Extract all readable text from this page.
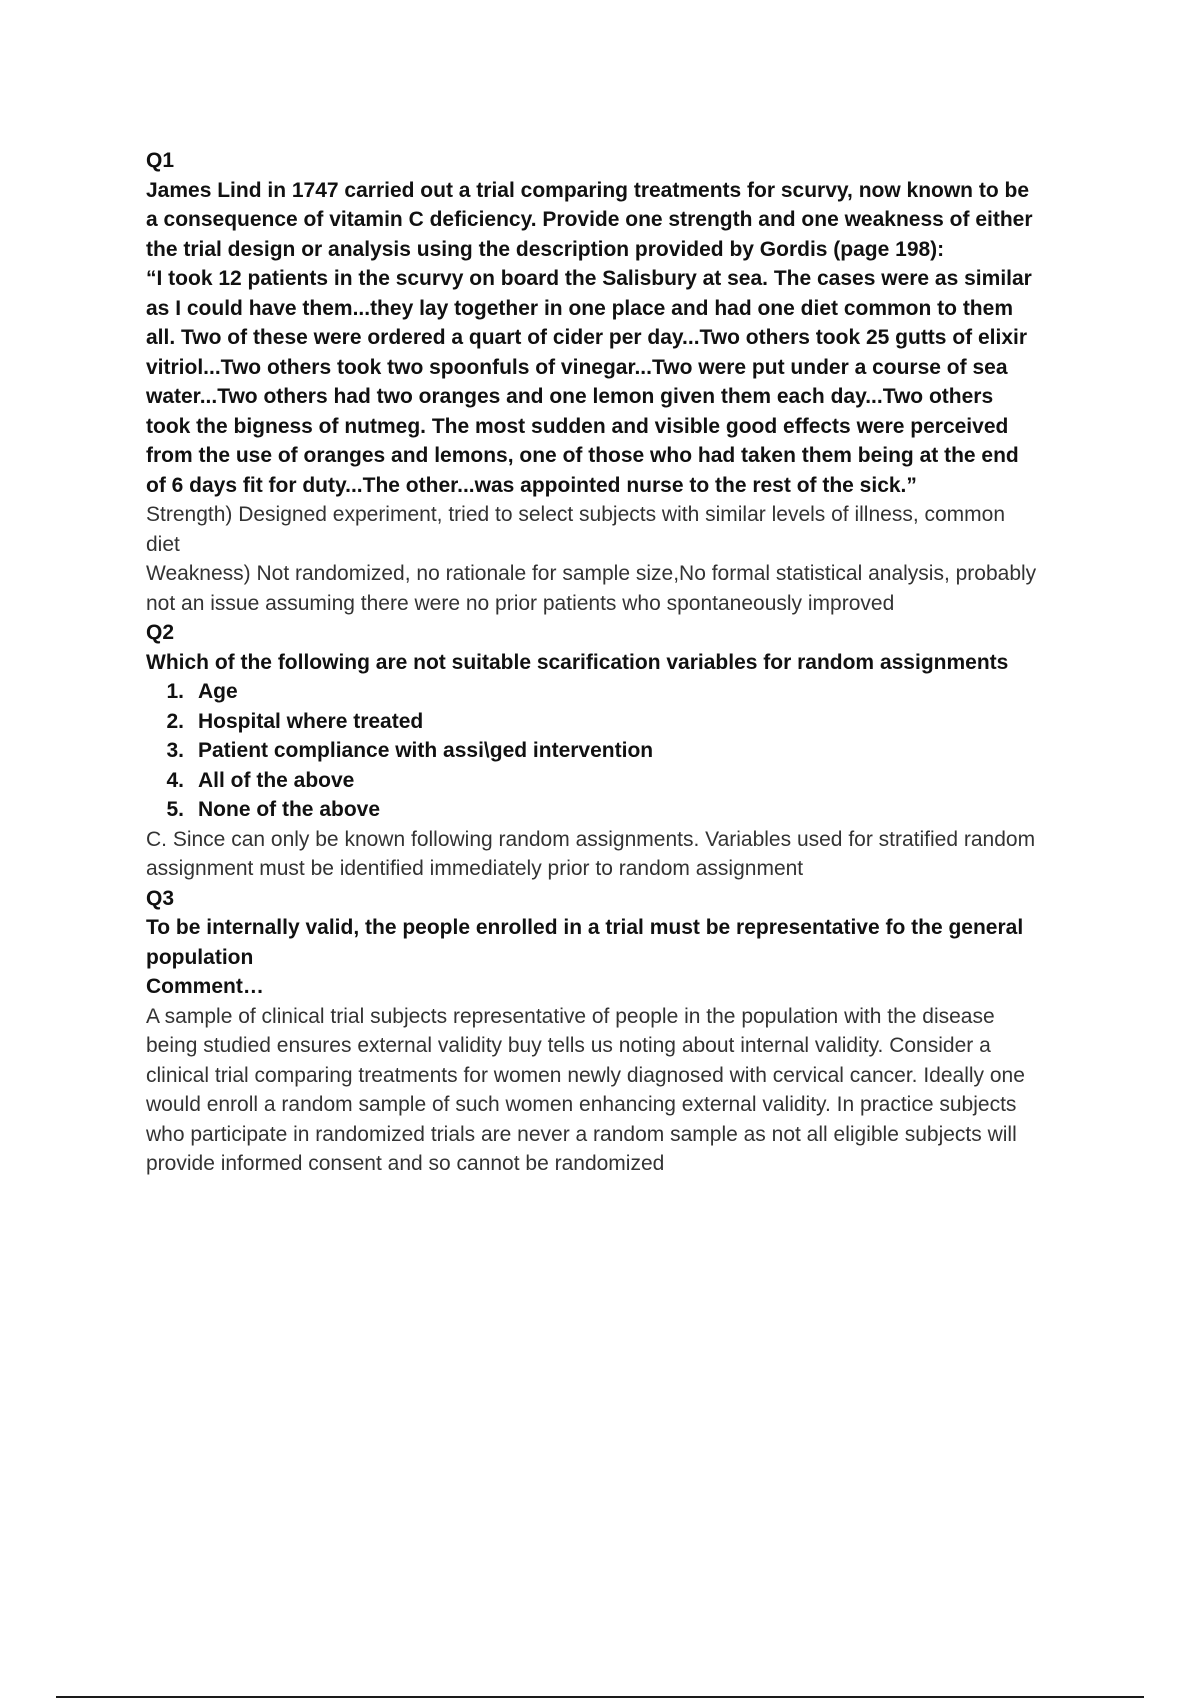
Q1
James Lind in 1747 carried out a trial comparing treatments for scurvy, now known to be
a consequence of vitamin C deficiency. Provide one strength and one weakness of either
the trial design or analysis using the description provided by Gordis (page 198):
“I took 12 patients in the scurvy on board the Salisbury at sea. The cases were as similar
as I could have them...they lay together in one place and had one diet common to them
all. Two of these were ordered a quart of cider per day...Two others took 25 gutts of elixir
vitriol...Two others took two spoonfuls of vinegar...Two were put under a course of sea
water...Two others had two oranges and one lemon given them each day...Two others
took the bigness of nutmeg. The most sudden and visible good effects were perceived
from the use of oranges and lemons, one of those who had taken them being at the end
of 6 days fit for duty...The other...was appointed nurse to the rest of the sick.”
Strength) Designed experiment, tried to select subjects with similar levels of illness, common
diet
Weakness) Not randomized, no rationale for sample size,No formal statistical analysis, probably
not an issue assuming there were no prior patients who spontaneously improved
Q2
Which of the following are not suitable scarification variables for random assignments
1. Age
2. Hospital where treated
3. Patient compliance with assi\ged intervention
4. All of the above
5. None of the above
C. Since can only be known following random assignments. Variables used for stratified random
assignment must be identified immediately prior to random assignment
Q3
To be internally valid, the people enrolled in a trial must be representative fo the general
population
Comment…
A sample of clinical trial subjects representative of people in the population with the disease
being studied ensures external validity buy tells us noting about internal validity. Consider a
clinical trial comparing treatments for women newly diagnosed with cervical cancer. Ideally one
would enroll a random sample of such women enhancing external validity. In practice subjects
who participate in randomized trials are never a random sample as not all eligible subjects will
provide informed consent and so cannot be randomized
